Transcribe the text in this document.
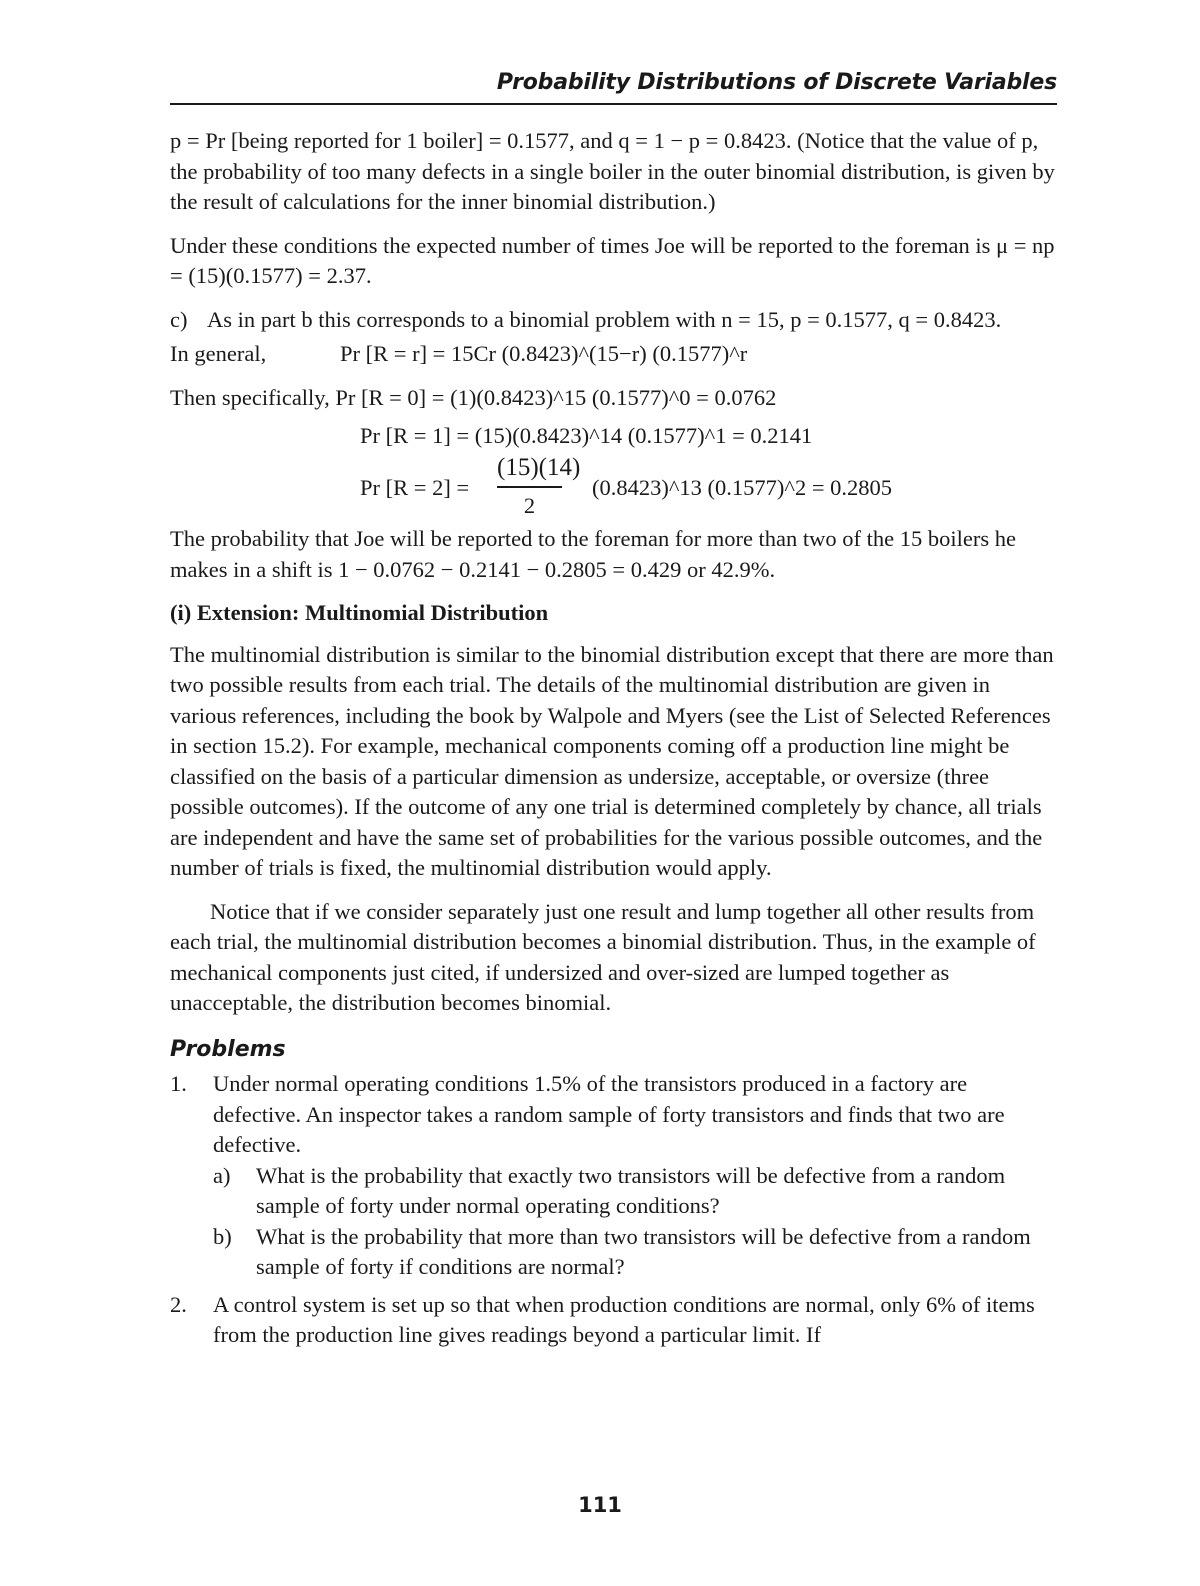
Probability Distributions of Discrete Variables

p = Pr [being reported for 1 boiler] = 0.1577, and q = 1 − p = 0.8423. (Notice that the value of p, the probability of too many defects in a single boiler in the outer binomial distribution, is given by the result of calculations for the inner binomial distribution.)

Under these conditions the expected number of times Joe will be reported to the foreman is μ = np = (15)(0.1577) = 2.37.

c) As in part b this corresponds to a binomial problem with n = 15, p = 0.1577, q = 0.8423.
In general,	Pr [R = r] = 15Cr (0.8423)^(15−r) (0.1577)^r
Then specifically, Pr [R = 0] = (1)(0.8423)^15 (0.1577)^0 = 0.0762
Pr [R = 1] = (15)(0.8423)^14 (0.1577)^1 = 0.2141
Pr [R = 2] =
(15)(14)
2
(0.8423)^13 (0.1577)^2 = 0.2805

The probability that Joe will be reported to the foreman for more than two of the 15 boilers he makes in a shift is 1 − 0.0762 − 0.2141 − 0.2805 = 0.429 or 42.9%.

(i) Extension: Multinomial Distribution

The multinomial distribution is similar to the binomial distribution except that there are more than two possible results from each trial. The details of the multinomial distribution are given in various references, including the book by Walpole and Myers (see the List of Selected References in section 15.2). For example, mechanical components coming off a production line might be classified on the basis of a particular dimension as undersize, acceptable, or oversize (three possible outcomes). If the outcome of any one trial is determined completely by chance, all trials are independent and have the same set of probabilities for the various possible outcomes, and the number of trials is fixed, the multinomial distribution would apply.

Notice that if we consider separately just one result and lump together all other results from each trial, the multinomial distribution becomes a binomial distribution. Thus, in the example of mechanical components just cited, if undersized and over-sized are lumped together as unacceptable, the distribution becomes binomial.

Problems
1. Under normal operating conditions 1.5% of the transistors produced in a factory are defective. An inspector takes a random sample of forty transistors and finds that two are defective.
a) What is the probability that exactly two transistors will be defective from a random sample of forty under normal operating conditions?
b) What is the probability that more than two transistors will be defective from a random sample of forty if conditions are normal?
2. A control system is set up so that when production conditions are normal, only 6% of items from the production line gives readings beyond a particular limit. If
111
